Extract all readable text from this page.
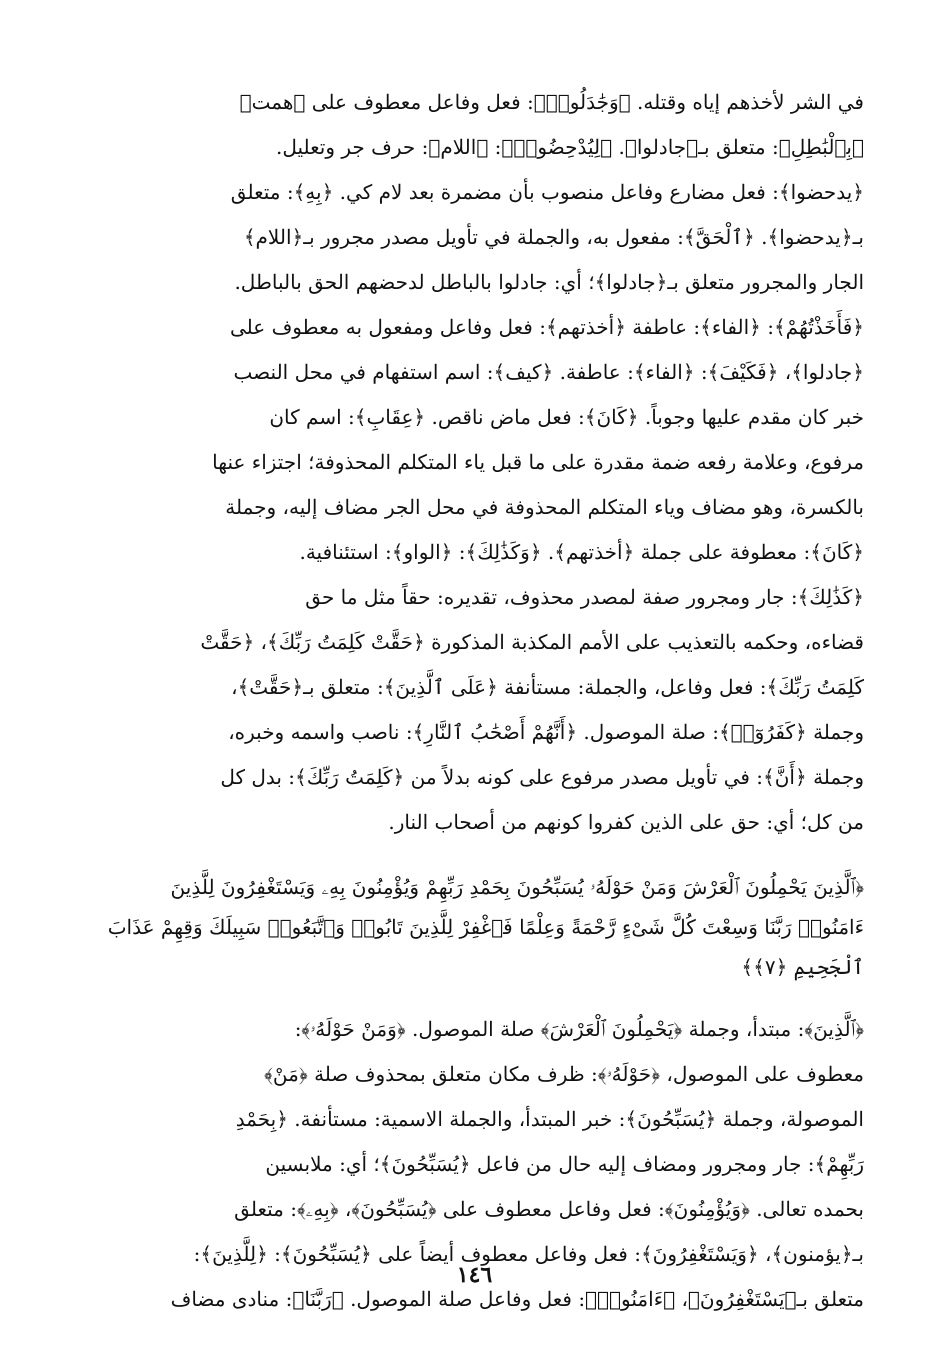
في الشر لأخذهم إياه وقتله. ﴿وَجَٰدَلُوا۟﴾: فعل وفاعل معطوف على ﴿همت﴾
﴿بِٱلْبَٰطِلِ﴾: متعلق بـ﴿جادلوا﴾. ﴿لِيُدْحِضُوا۟﴾: ﴿اللام﴾: حرف جر وتعليل.
﴿يدحضوا﴾: فعل مضارع وفاعل منصوب بأن مضمرة بعد لام كي. ﴿بِهِ﴾: متعلق
بـ﴿يدحضوا﴾. ﴿ٱلْحَقَّ﴾: مفعول به، والجملة في تأويل مصدر مجرور بـ﴿اللام﴾
الجار والمجرور متعلق بـ﴿جادلوا﴾؛ أي: جادلوا بالباطل لدحضهم الحق بالباطل.
﴿فَأَخَذْتُهُمْ﴾: ﴿الفاء﴾: عاطفة ﴿أخذتهم﴾: فعل وفاعل ومفعول به معطوف على
﴿جادلوا﴾، ﴿فَكَيْفَ﴾: ﴿الفاء﴾: عاطفة. ﴿كيف﴾: اسم استفهام في محل النصب
خبر كان مقدم عليها وجوباً. ﴿كَانَ﴾: فعل ماض ناقص. ﴿عِقَابِ﴾: اسم كان
مرفوع، وعلامة رفعه ضمة مقدرة على ما قبل ياء المتكلم المحذوفة؛ اجتزاء عنها
بالكسرة، وهو مضاف وياء المتكلم المحذوفة في محل الجر مضاف إليه، وجملة
﴿كَانَ﴾: معطوفة على جملة ﴿أخذتهم﴾. ﴿وَكَذَٰلِكَ﴾: ﴿الواو﴾: استئنافية.
﴿كَذَٰلِكَ﴾: جار ومجرور صفة لمصدر محذوف، تقديره: حقاً مثل ما حق
قضاءه، وحكمه بالتعذيب على الأمم المكذبة المذكورة ﴿حَقَّتْ كَلِمَتُ رَبِّكَ﴾، ﴿حَقَّتْ
كَلِمَتُ رَبِّكَ﴾: فعل وفاعل، والجملة: مستأنفة ﴿عَلَى ٱلَّذِينَ﴾: متعلق بـ﴿حَقَّتْ﴾،
وجملة ﴿كَفَرُوٓا۟﴾: صلة الموصول. ﴿أَنَّهُمْ أَصْحَٰبُ ٱلنَّارِ﴾: ناصب واسمه وخبره،
وجملة ﴿أَنَّ﴾: في تأويل مصدر مرفوع على كونه بدلاً من ﴿كَلِمَتُ رَبِّكَ﴾: بدل كل
من كل؛ أي: حق على الذين كفروا كونهم من أصحاب النار.
﴿ٱلَّذِينَ يَحْمِلُونَ ٱلْعَرْشَ وَمَنْ حَوْلَهُۥ يُسَبِّحُونَ بِحَمْدِ رَبِّهِمْ وَيُؤْمِنُونَ بِهِۦ وَيَسْتَغْفِرُونَ لِلَّذِينَ
ءَامَنُوا۟ رَبَّنَا وَسِعْتَ كُلَّ شَىْءٍ رَّحْمَةً وَعِلْمًا فَٱغْفِرْ لِلَّذِينَ تَابُوا۟ وَٱتَّبَعُوا۟ سَبِيلَكَ وَقِهِمْ عَذَابَ
ٱلْجَحِيمِ ﴿٧﴾﴾
﴿ٱلَّذِينَ﴾: مبتدأ، وجملة ﴿يَحْمِلُونَ ٱلْعَرْشَ﴾ صلة الموصول. ﴿وَمَنْ حَوْلَهُۥ﴾:
معطوف على الموصول، ﴿حَوْلَهُۥ﴾: ظرف مكان متعلق بمحذوف صلة ﴿مَنْ﴾
الموصولة، وجملة ﴿يُسَبِّحُونَ﴾: خبر المبتدأ، والجملة الاسمية: مستأنفة. ﴿بِحَمْدِ
رَبِّهِمْ﴾: جار ومجرور ومضاف إليه حال من فاعل ﴿يُسَبِّحُونَ﴾؛ أي: ملابسين
بحمده تعالى. ﴿وَيُؤْمِنُونَ﴾: فعل وفاعل معطوف على ﴿يُسَبِّحُونَ﴾، ﴿بِهِۦ﴾: متعلق
بـ﴿يؤمنون﴾، ﴿وَيَسْتَغْفِرُونَ﴾: فعل وفاعل معطوف أيضاً على ﴿يُسَبِّحُونَ﴾: ﴿لِلَّذِينَ﴾:
متعلق بـ﴿يَسْتَغْفِرُونَ﴾، ﴿ءَامَنُوا۟﴾: فعل وفاعل صلة الموصول. ﴿رَبَّنَا﴾: منادى مضاف
١٤٦
